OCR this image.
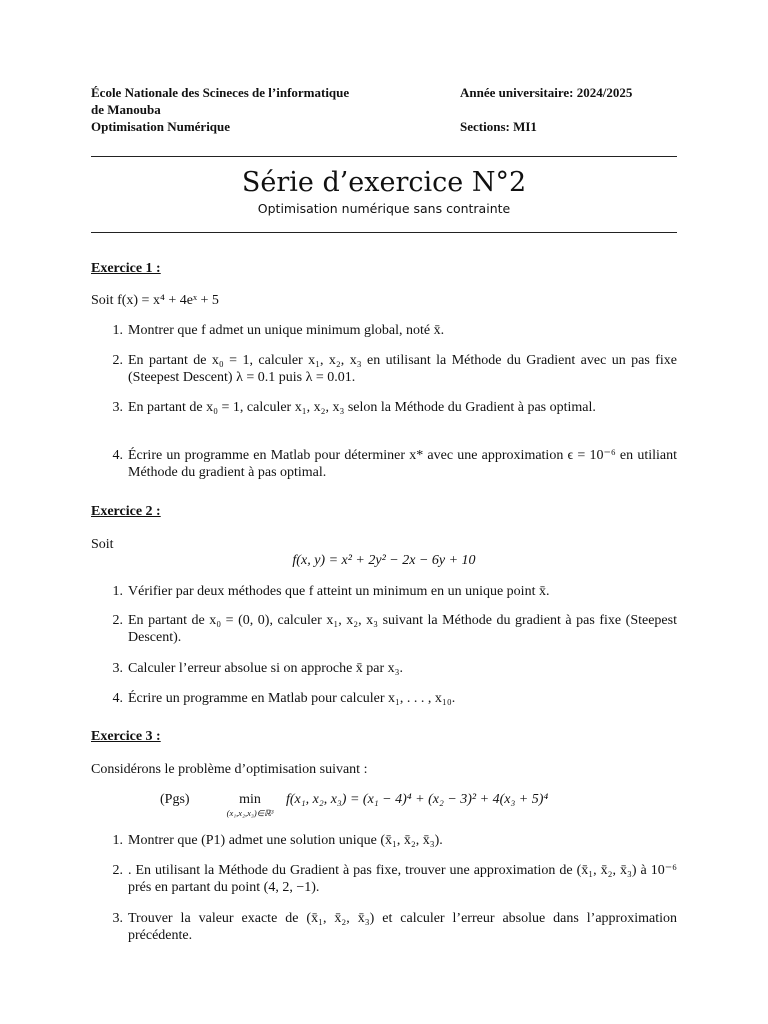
École Nationale des Scineces de l’informatique
de Manouba
Optimisation Numérique
Année universitaire: 2024/2025
Sections: MI1
Série d’exercice N°2
Optimisation numérique sans contrainte
Exercice 1 :
Soit f(x) = x⁴ + 4eˣ + 5
1. Montrer que f admet un unique minimum global, noté x̄.
2. En partant de x₀ = 1, calculer x₁, x₂, x₃ en utilisant la Méthode du Gradient avec un pas fixe (Steepest Descent) λ = 0.1 puis λ = 0.01.
3. En partant de x₀ = 1, calculer x₁, x₂, x₃ selon la Méthode du Gradient à pas optimal.
4. Écrire un programme en Matlab pour déterminer x* avec une approximation ϵ = 10⁻⁶ en utiliant Méthode du gradient à pas optimal.
Exercice 2 :
Soit
f(x, y) = x² + 2y² − 2x − 6y + 10
1. Vérifier par deux méthodes que f atteint un minimum en un unique point x̄.
2. En partant de x₀ = (0, 0), calculer x₁, x₂, x₃ suivant la Méthode du gradient à pas fixe (Steepest Descent).
3. Calculer l’erreur absolue si on approche x̄ par x₃.
4. Écrire un programme en Matlab pour calculer x₁, . . . , x₁₀.
Exercice 3 :
Considérons le problème d’optimisation suivant :
(Pgs)	min
(x₁,x₂,x₃)∈ℝ³
f(x₁, x₂, x₃) = (x₁ − 4)⁴ + (x₂ − 3)² + 4(x₃ + 5)⁴
1. Montrer que (P1) admet une solution unique (x̄₁, x̄₂, x̄₃).
2. . En utilisant la Méthode du Gradient à pas fixe, trouver une approximation de (x̄₁, x̄₂, x̄₃) à 10⁻⁶ prés en partant du point (4, 2, −1).
3. Trouver la valeur exacte de (x̄₁, x̄₂, x̄₃) et calculer l’erreur absolue dans l’approximation précédente.
